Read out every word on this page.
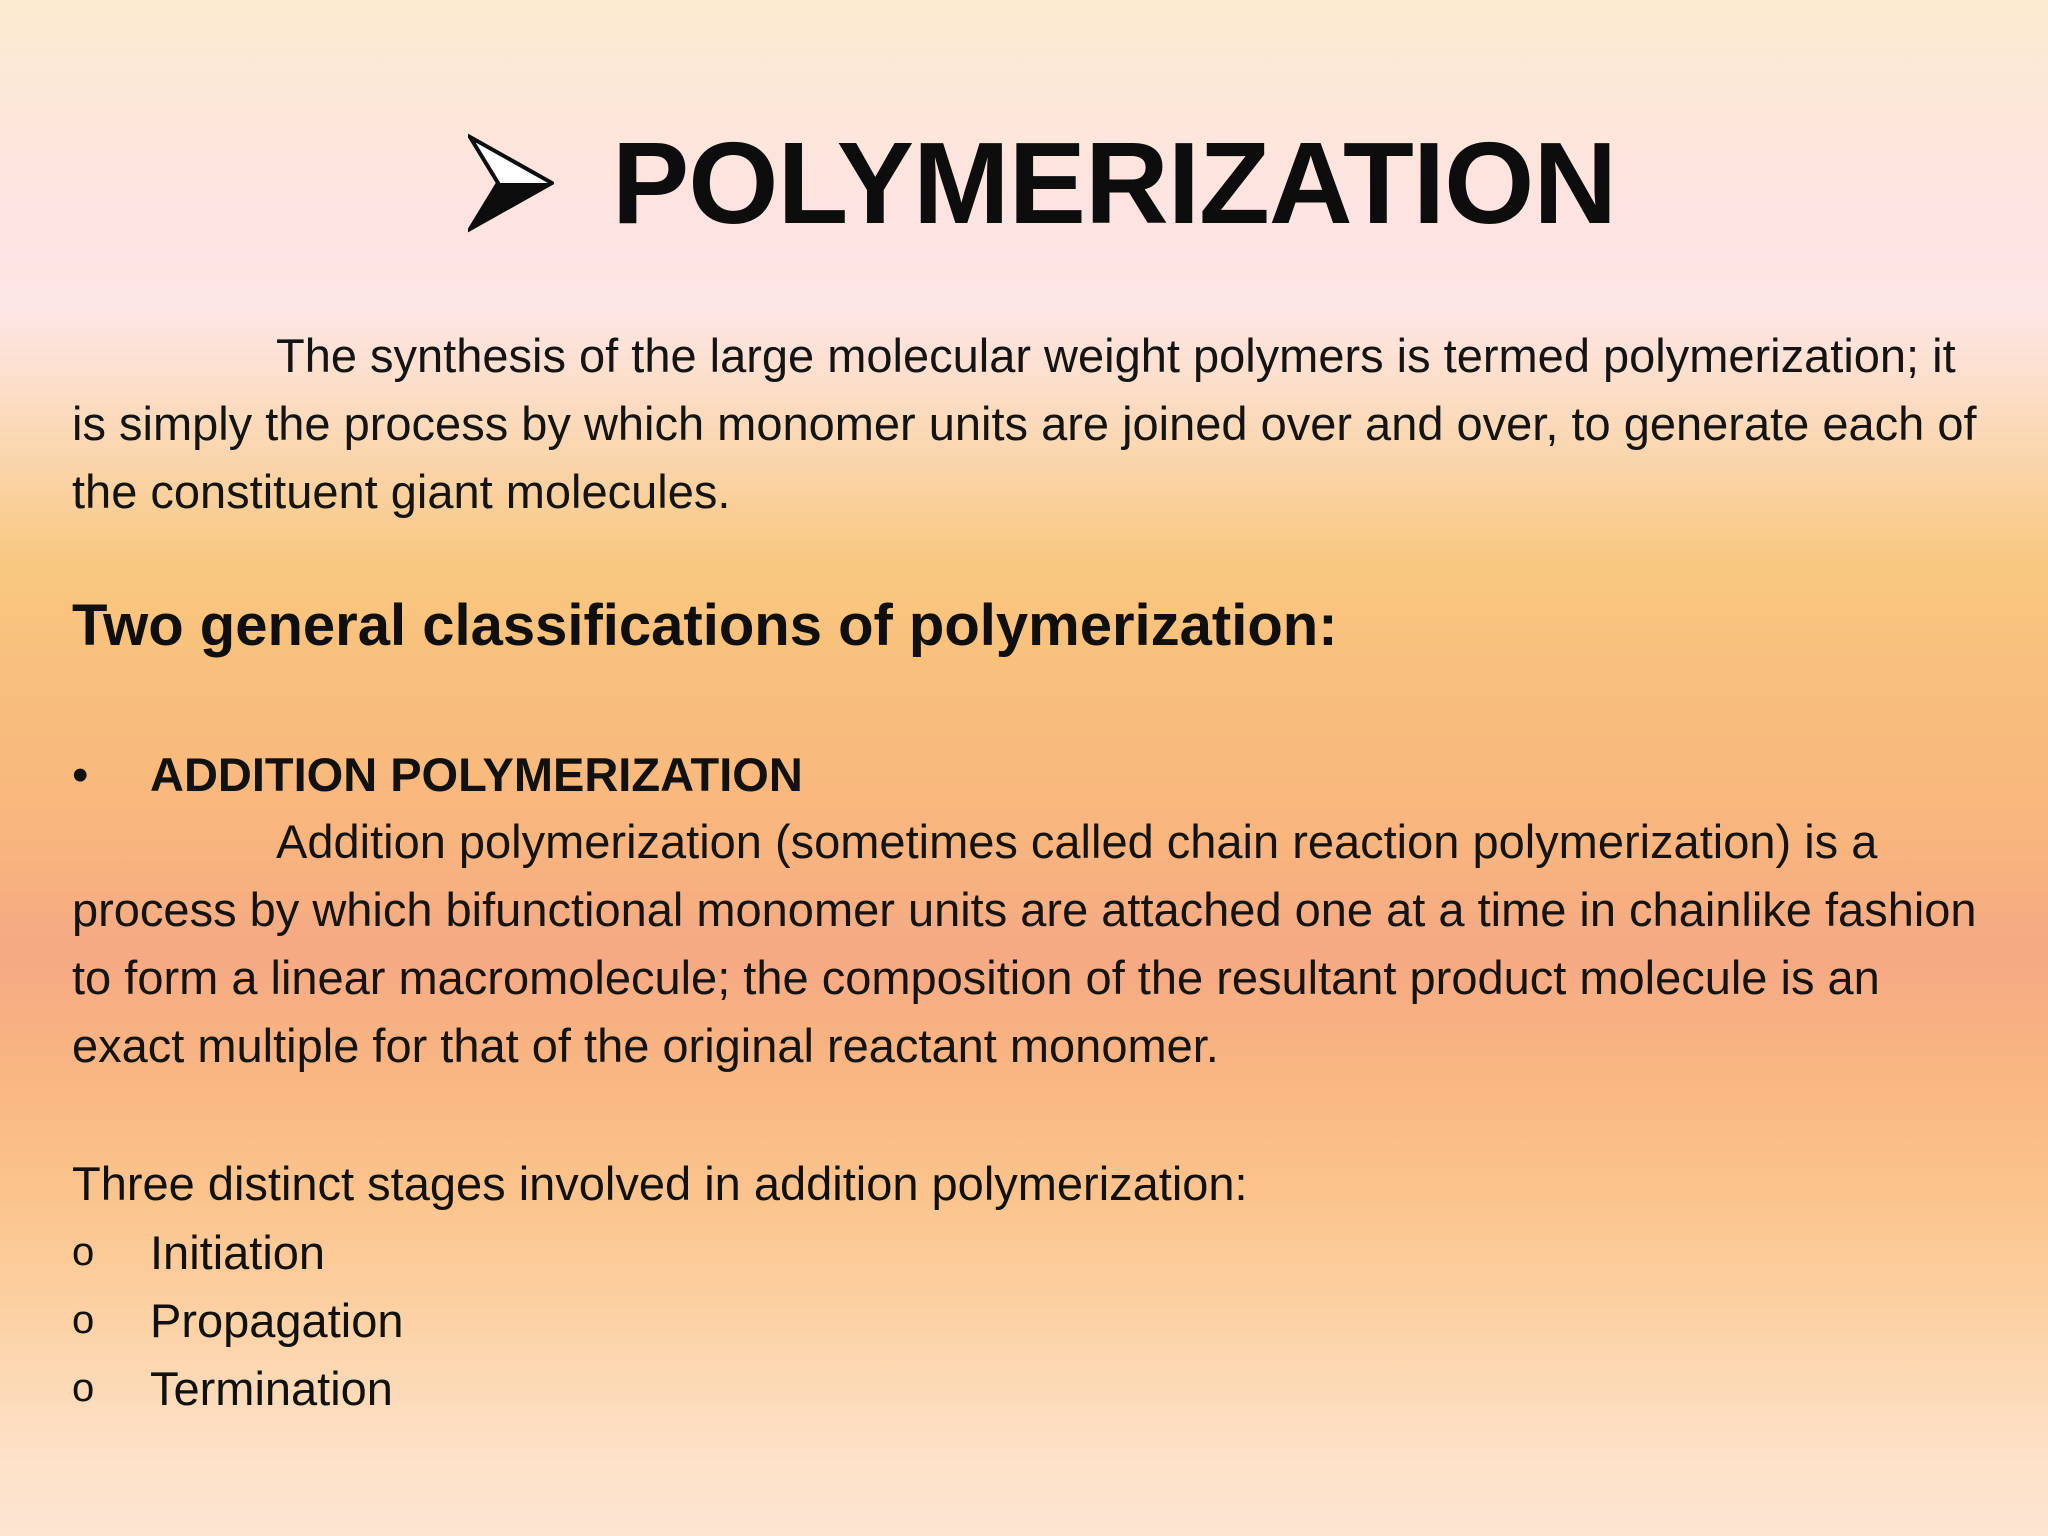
POLYMERIZATION
The synthesis of the large molecular weight polymers is termed polymerization; it is simply the process by which monomer units are joined over and over, to generate each of the constituent giant molecules.
Two general classifications of polymerization:
•	ADDITION POLYMERIZATION
Addition polymerization (sometimes called chain reaction polymerization) is a process by which bifunctional monomer units are attached one at a time in chainlike fashion to form a linear macromolecule; the composition of the resultant product molecule is an exact multiple for that of the original reactant monomer.
Three distinct stages involved in addition polymerization:
o	Initiation
o	Propagation
o	Termination
